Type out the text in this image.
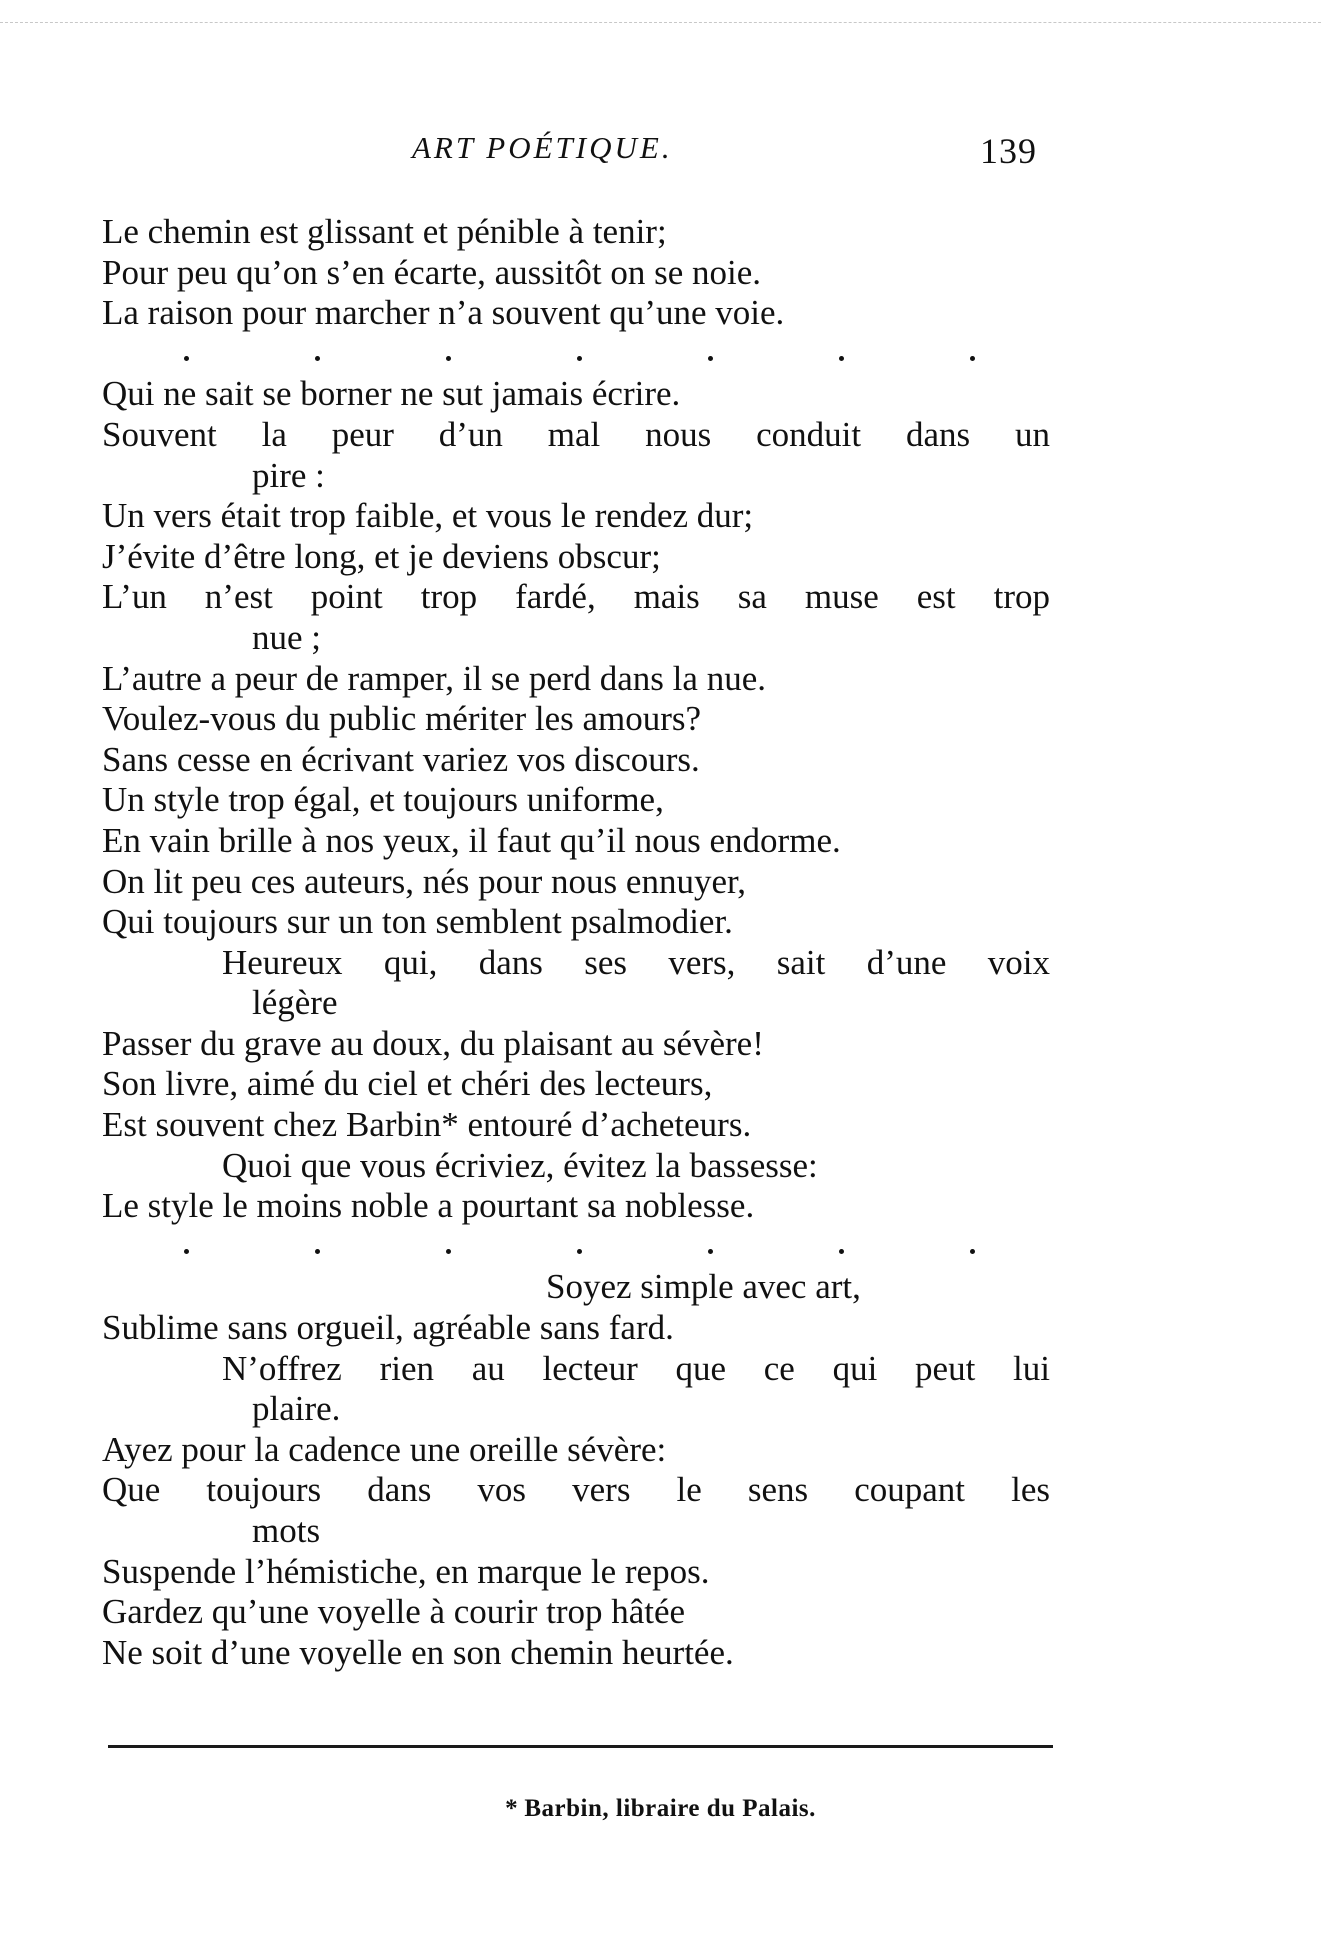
ART POÉTIQUE.	139
Le chemin est glissant et pénible à tenir;
Pour peu qu’on s’en écarte, aussitôt on se noie.
La raison pour marcher n’a souvent qu’une voie.
Qui ne sait se borner ne sut jamais écrire.
Souvent la peur d’un mal nous conduit dans un
pire :
Un vers était trop faible, et vous le rendez dur;
J’évite d’être long, et je deviens obscur;
L’un n’est point trop fardé, mais sa muse est trop
nue ;
L’autre a peur de ramper, il se perd dans la nue.
Voulez-vous du public mériter les amours?
Sans cesse en écrivant variez vos discours.
Un style trop égal, et toujours uniforme,
En vain brille à nos yeux, il faut qu’il nous endorme.
On lit peu ces auteurs, nés pour nous ennuyer,
Qui toujours sur un ton semblent psalmodier.
Heureux qui, dans ses vers, sait d’une voix
légère
Passer du grave au doux, du plaisant au sévère!
Son livre, aimé du ciel et chéri des lecteurs,
Est souvent chez Barbin* entouré d’acheteurs.
Quoi que vous écriviez, évitez la bassesse:
Le style le moins noble a pourtant sa noblesse.
Soyez simple avec art,
Sublime sans orgueil, agréable sans fard.
N’offrez rien au lecteur que ce qui peut lui
plaire.
Ayez pour la cadence une oreille sévère:
Que toujours dans vos vers le sens coupant les
mots
Suspende l’hémistiche, en marque le repos.
Gardez qu’une voyelle à courir trop hâtée
Ne soit d’une voyelle en son chemin heurtée.
* Barbin, libraire du Palais.
